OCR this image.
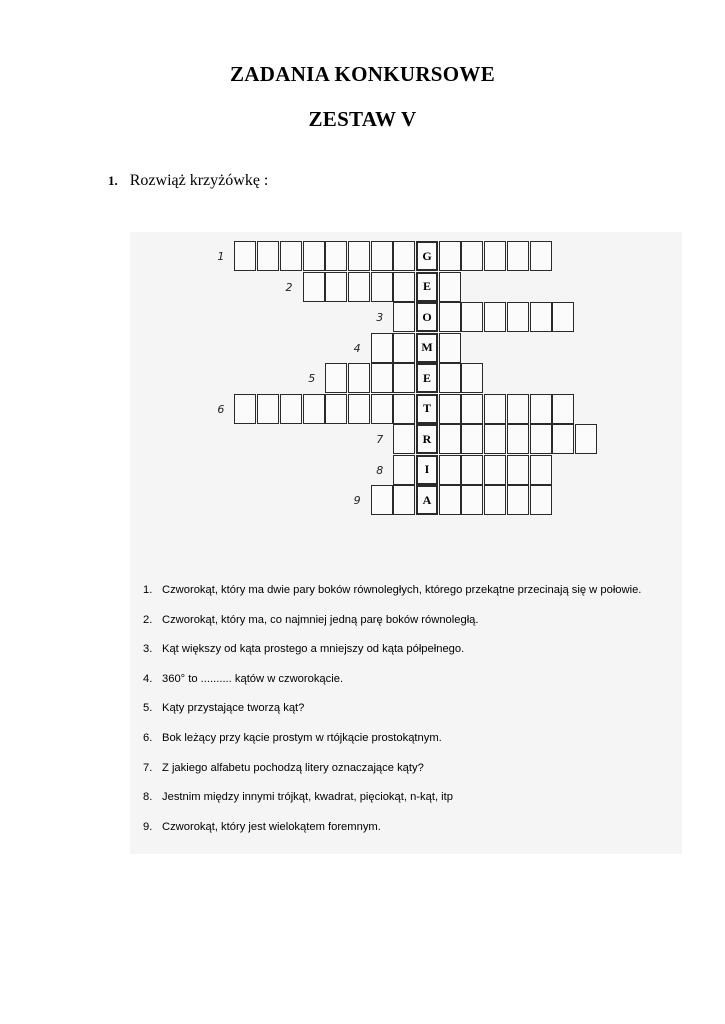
ZADANIA KONKURSOWE
ZESTAW V
1. Rozwiąż krzyżówkę :
G
1
E
2
O
3
M
4
E
5
T
6
R
7
I
8
A
9
1. Czworokąt, który ma dwie pary boków równoległych, którego przekątne przecinają się w połowie.
2. Czworokąt, który ma, co najmniej jedną parę boków równoległą.
3. Kąt większy od kąta prostego a mniejszy od kąta półpełnego.
4. 360° to .......... kątów w czworokącie.
5. Kąty przystające tworzą kąt?
6. Bok leżący przy kącie prostym w rtójkącie prostokątnym.
7. Z jakiego alfabetu pochodzą litery oznaczające kąty?
8. Jestnim między innymi trójkąt, kwadrat, pięciokąt, n-kąt, itp
9. Czworokąt, który jest wielokątem foremnym.
